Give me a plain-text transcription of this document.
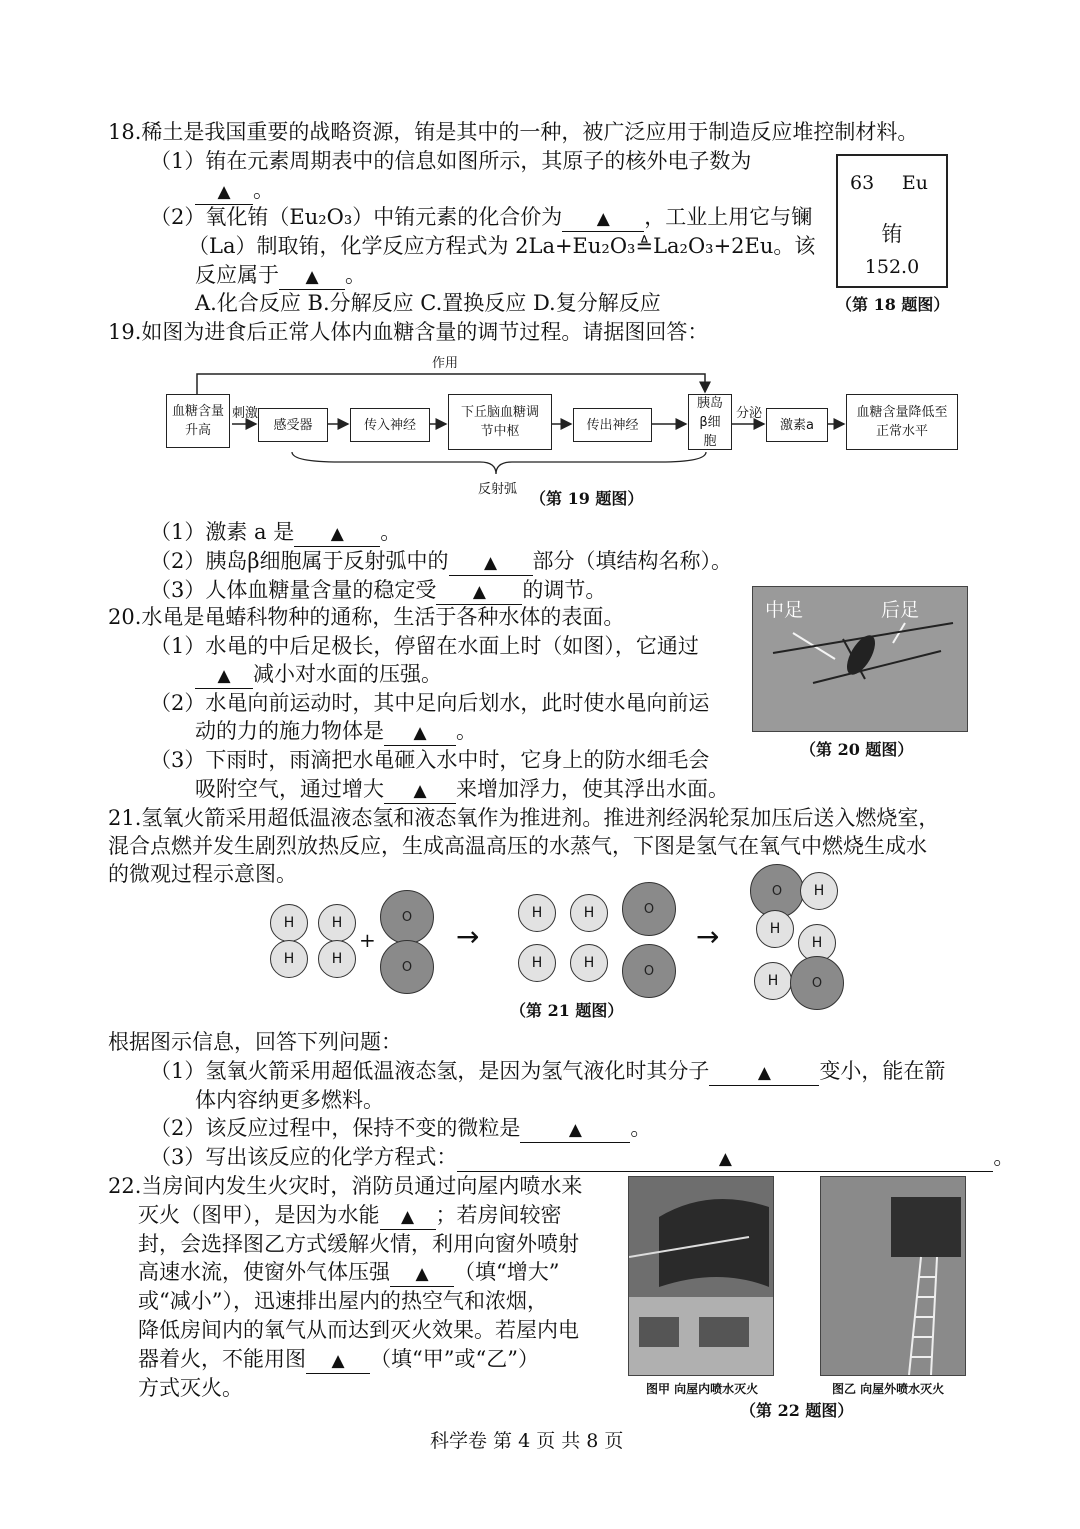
18.稀土是我国重要的战略资源，铕是其中的一种，被广泛应用于制造反应堆控制材料。
（1）铕在元素周期表中的信息如图所示，其原子的核外电子数为
▲ 。
（2）氧化铕（Eu₂O₃）中铕元素的化合价为 ▲ ，工业上用它与镧
（La）制取铕，化学反应方程式为 2La+Eu₂O₃≜La₂O₃+2Eu。该
反应属于 ▲ 。
A.化合反应 B.分解反应 C.置换反应 D.复分解反应
63 Eu
铕
152.0
（第 18 题图）
19.如图为进食后正常人体内血糖含量的调节过程。请据图回答：
作用
刺激	分泌
血糖含量升高	感受器	传入神经
下丘脑血糖调节中枢	传出神经
胰岛β细胞
激素a
血糖含量降低至正常水平
反射弧 （第 19 题图）
（1）激素 a 是 ▲ 。
（2）胰岛β细胞属于反射弧中的 ▲ 部分（填结构名称）。
（3）人体血糖量含量的稳定受 ▲ 的调节。
20.水黾是黾蝽科物种的通称，生活于各种水体的表面。
（1）水黾的中后足极长，停留在水面上时（如图），它通过
▲ 减小对水面的压强。
（2）水黾向前运动时，其中足向后划水，此时使水黾向前运
动的力的施力物体是 ▲ 。
（3）下雨时，雨滴把水黾砸入水中时，它身上的防水细毛会
吸附空气，通过增大 ▲ 来增加浮力，使其浮出水面。
中足	后足
（第 20 题图）
21.氢氧火箭采用超低温液态氢和液态氧作为推进剂。推进剂经涡轮泵加压后送入燃烧室，
混合点燃并发生剧烈放热反应，生成高温高压的水蒸气，下图是氢气在氧气中燃烧生成水
的微观过程示意图。
H	H
H	H
+
O
O
→
H	H	O
H	H	O
→
O	H
H
H
H	O
（第 21 题图）
根据图示信息，回答下列问题：
（1）氢氧火箭采用超低温液态氢，是因为氢气液化时其分子	▲ 变小，能在箭
体内容纳更多燃料。
（2）该反应过程中，保持不变的微粒是	▲ 。
（3）写出该反应的化学方程式：	▲	。
22.当房间内发生火灾时，消防员通过向屋内喷水来
灭火（图甲），是因为水能 ▲ ；若房间较密
封，会选择图乙方式缓解火情，利用向窗外喷射
高速水流，使窗外气体压强 ▲ （填“增大”
或“减小”），迅速排出屋内的热空气和浓烟，
降低房间内的氧气从而达到灭火效果。若屋内电
器着火，不能用图 ▲ （填“甲”或“乙”）
方式灭火。	图甲 向屋内喷水灭火	图乙 向屋外喷水灭火
（第 22 题图）
科学卷 第 4 页 共 8 页
